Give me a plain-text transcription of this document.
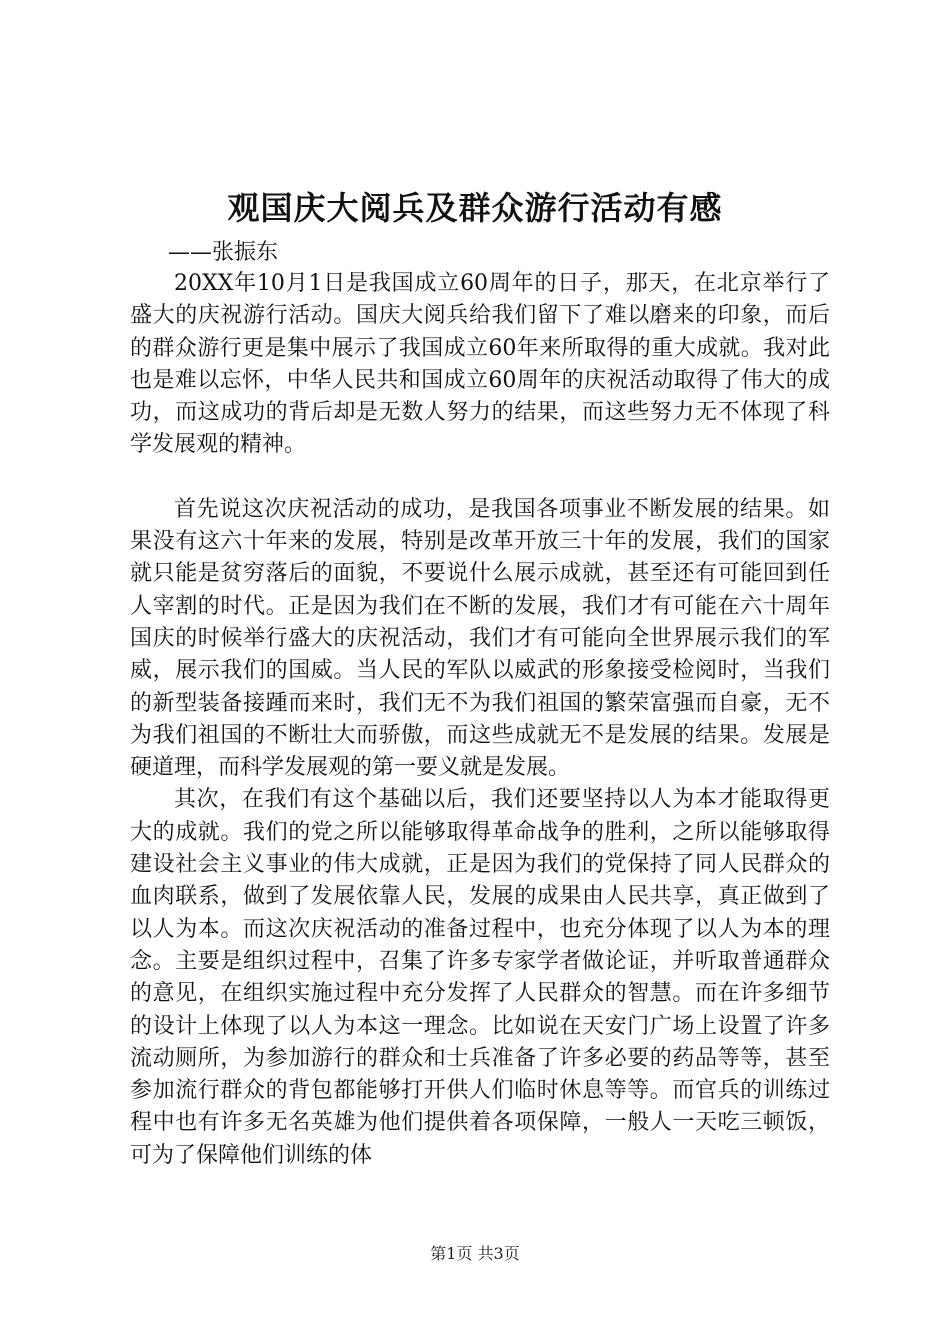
观国庆大阅兵及群众游行活动有感
——张振东

20XX年10月1日是我国成立60周年的日子，那天，在北京举行了盛大的庆祝游行活动。国庆大阅兵给我们留下了难以磨来的印象，而后的群众游行更是集中展示了我国成立60年来所取得的重大成就。我对此也是难以忘怀，中华人民共和国成立60周年的庆祝活动取得了伟大的成功，而这成功的背后却是无数人努力的结果，而这些努力无不体现了科学发展观的精神。

首先说这次庆祝活动的成功，是我国各项事业不断发展的结果。如果没有这六十年来的发展，特别是改革开放三十年的发展，我们的国家就只能是贫穷落后的面貌，不要说什么展示成就，甚至还有可能回到任人宰割的时代。正是因为我们在不断的发展，我们才有可能在六十周年国庆的时候举行盛大的庆祝活动，我们才有可能向全世界展示我们的军威，展示我们的国威。当人民的军队以威武的形象接受检阅时，当我们的新型装备接踵而来时，我们无不为我们祖国的繁荣富强而自豪，无不为我们祖国的不断壮大而骄傲，而这些成就无不是发展的结果。发展是硬道理，而科学发展观的第一要义就是发展。

其次，在我们有这个基础以后，我们还要坚持以人为本才能取得更大的成就。我们的党之所以能够取得革命战争的胜利，之所以能够取得建设社会主义事业的伟大成就，正是因为我们的党保持了同人民群众的血肉联系，做到了发展依靠人民，发展的成果由人民共享，真正做到了以人为本。而这次庆祝活动的准备过程中，也充分体现了以人为本的理念。主要是组织过程中，召集了许多专家学者做论证，并听取普通群众的意见，在组织实施过程中充分发挥了人民群众的智慧。而在许多细节的设计上体现了以人为本这一理念。比如说在天安门广场上设置了许多流动厕所，为参加游行的群众和士兵准备了许多必要的药品等等，甚至参加流行群众的背包都能够打开供人们临时休息等等。而官兵的训练过程中也有许多无名英雄为他们提供着各项保障，一般人一天吃三顿饭，可为了保障他们训练的体

第1页 共3页
